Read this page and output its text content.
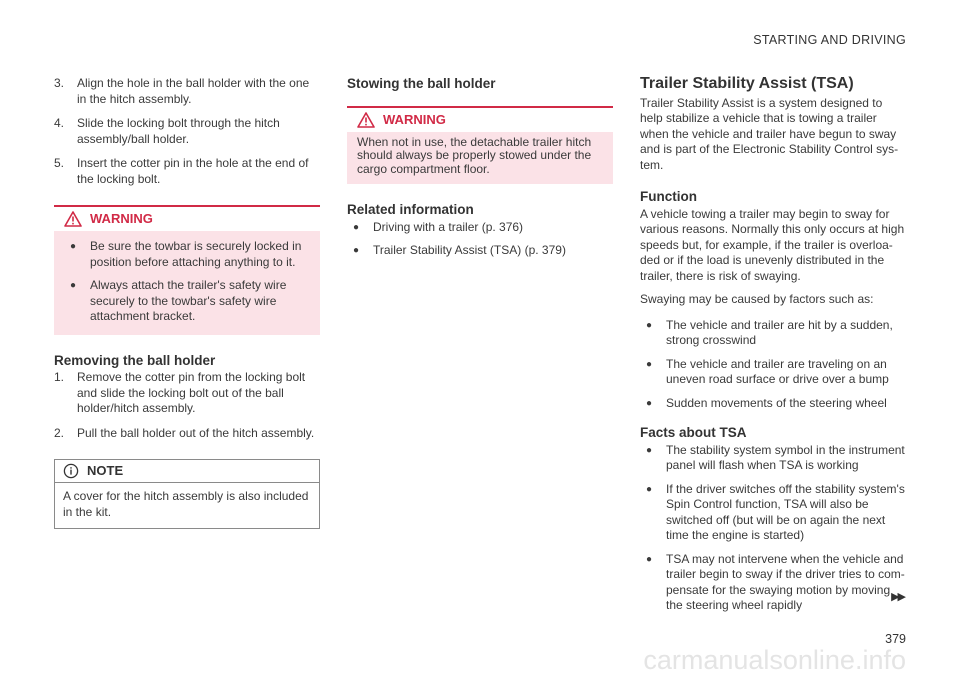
STARTING AND DRIVING
3.	Align the hole in the ball holder with the one in the hitch assembly.
4.	Slide the locking bolt through the hitch assembly/ball holder.
5.	Insert the cotter pin in the hole at the end of the locking bolt.
WARNING
●	Be sure the towbar is securely locked in position before attaching anything to it.
●	Always attach the trailer's safety wire securely to the towbar's safety wire attachment bracket.
Removing the ball holder
1.	Remove the cotter pin from the locking bolt and slide the locking bolt out of the ball holder/hitch assembly.
2.	Pull the ball holder out of the hitch assembly.
NOTE
A cover for the hitch assembly is also included in the kit.
Stowing the ball holder
WARNING
When not in use, the detachable trailer hitch should always be properly stowed under the cargo compartment floor.
Related information
●	Driving with a trailer (p. 376)
●	Trailer Stability Assist (TSA) (p. 379)
Trailer Stability Assist (TSA)

Trailer Stability Assist is a system designed to help stabilize a vehicle that is towing a trailer when the vehicle and trailer have begun to sway and is part of the Electronic Stability Control sys-tem.

Function

A vehicle towing a trailer may begin to sway for various reasons. Normally this only occurs at high speeds but, for example, if the trailer is overloa-ded or if the load is unevenly distributed in the trailer, there is risk of swaying.

Swaying may be caused by factors such as:

●	The vehicle and trailer are hit by a sudden, strong crosswind
●	The vehicle and trailer are traveling on an uneven road surface or drive over a bump
●	Sudden movements of the steering wheel
Facts about TSA
●	The stability system symbol in the instrument panel will flash when TSA is working
●	If the driver switches off the stability system's Spin Control function, TSA will also be switched off (but will be on again the next time the engine is started)
●	TSA may not intervene when the vehicle and trailer begin to sway if the driver tries to com-pensate for the swaying motion by moving the steering wheel rapidly
▶▶
379
carmanualsonline.info
